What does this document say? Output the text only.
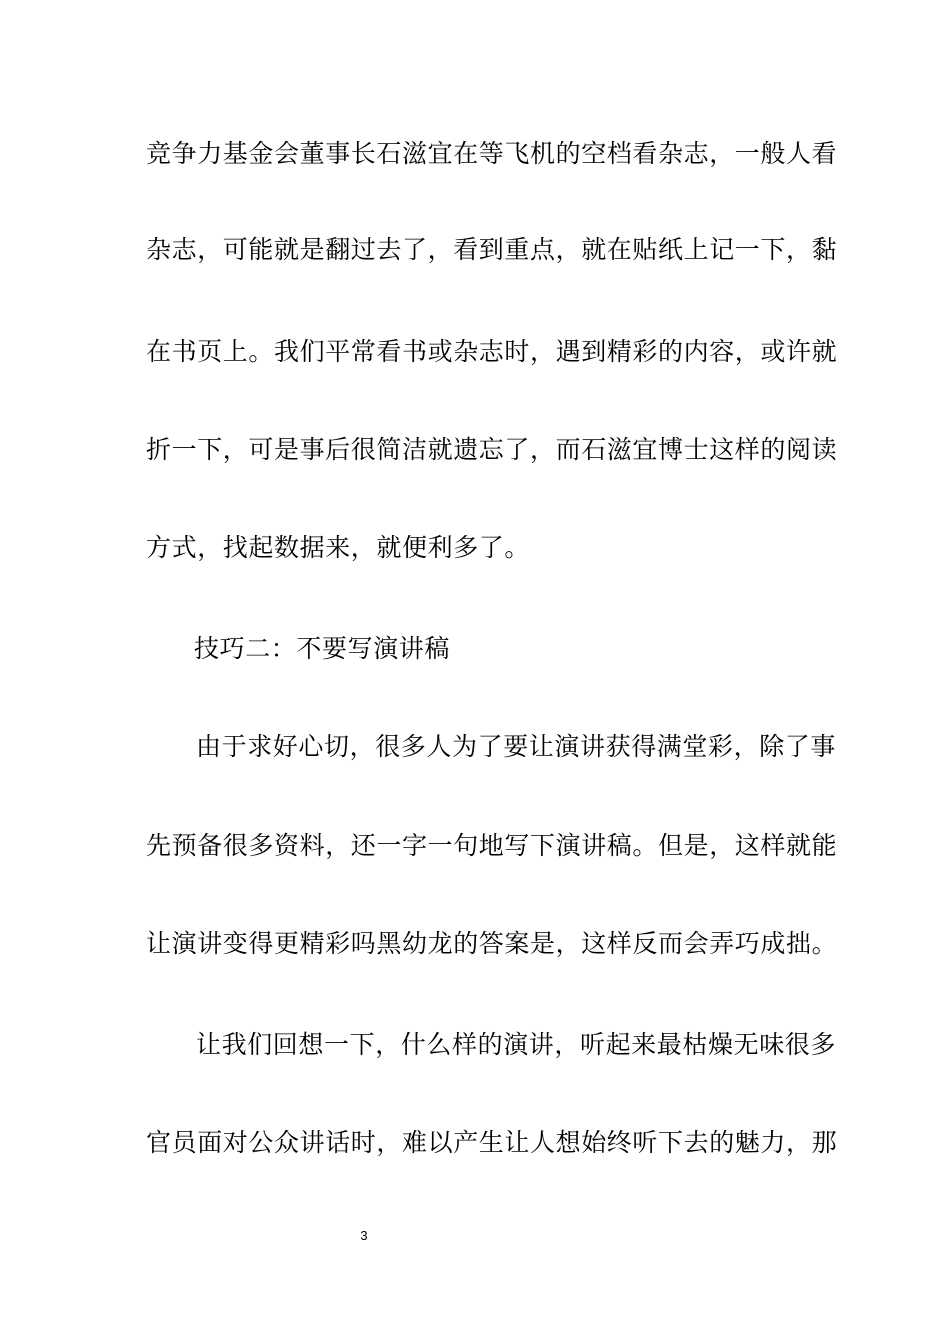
竞争力基金会董事长石滋宜在等飞机的空档看杂志，一般人看
杂志，可能就是翻过去了，看到重点，就在贴纸上记一下，黏
在书页上。我们平常看书或杂志时，遇到精彩的内容，或许就
折一下，可是事后很简洁就遗忘了，而石滋宜博士这样的阅读
方式，找起数据来，就便利多了。
技巧二：不要写演讲稿
由于求好心切，很多人为了要让演讲获得满堂彩，除了事
先预备很多资料，还一字一句地写下演讲稿。但是，这样就能
让演讲变得更精彩吗黑幼龙的答案是，这样反而会弄巧成拙。
让我们回想一下，什么样的演讲，听起来最枯燥无味很多
官员面对公众讲话时，难以产生让人想始终听下去的魅力，那
3
